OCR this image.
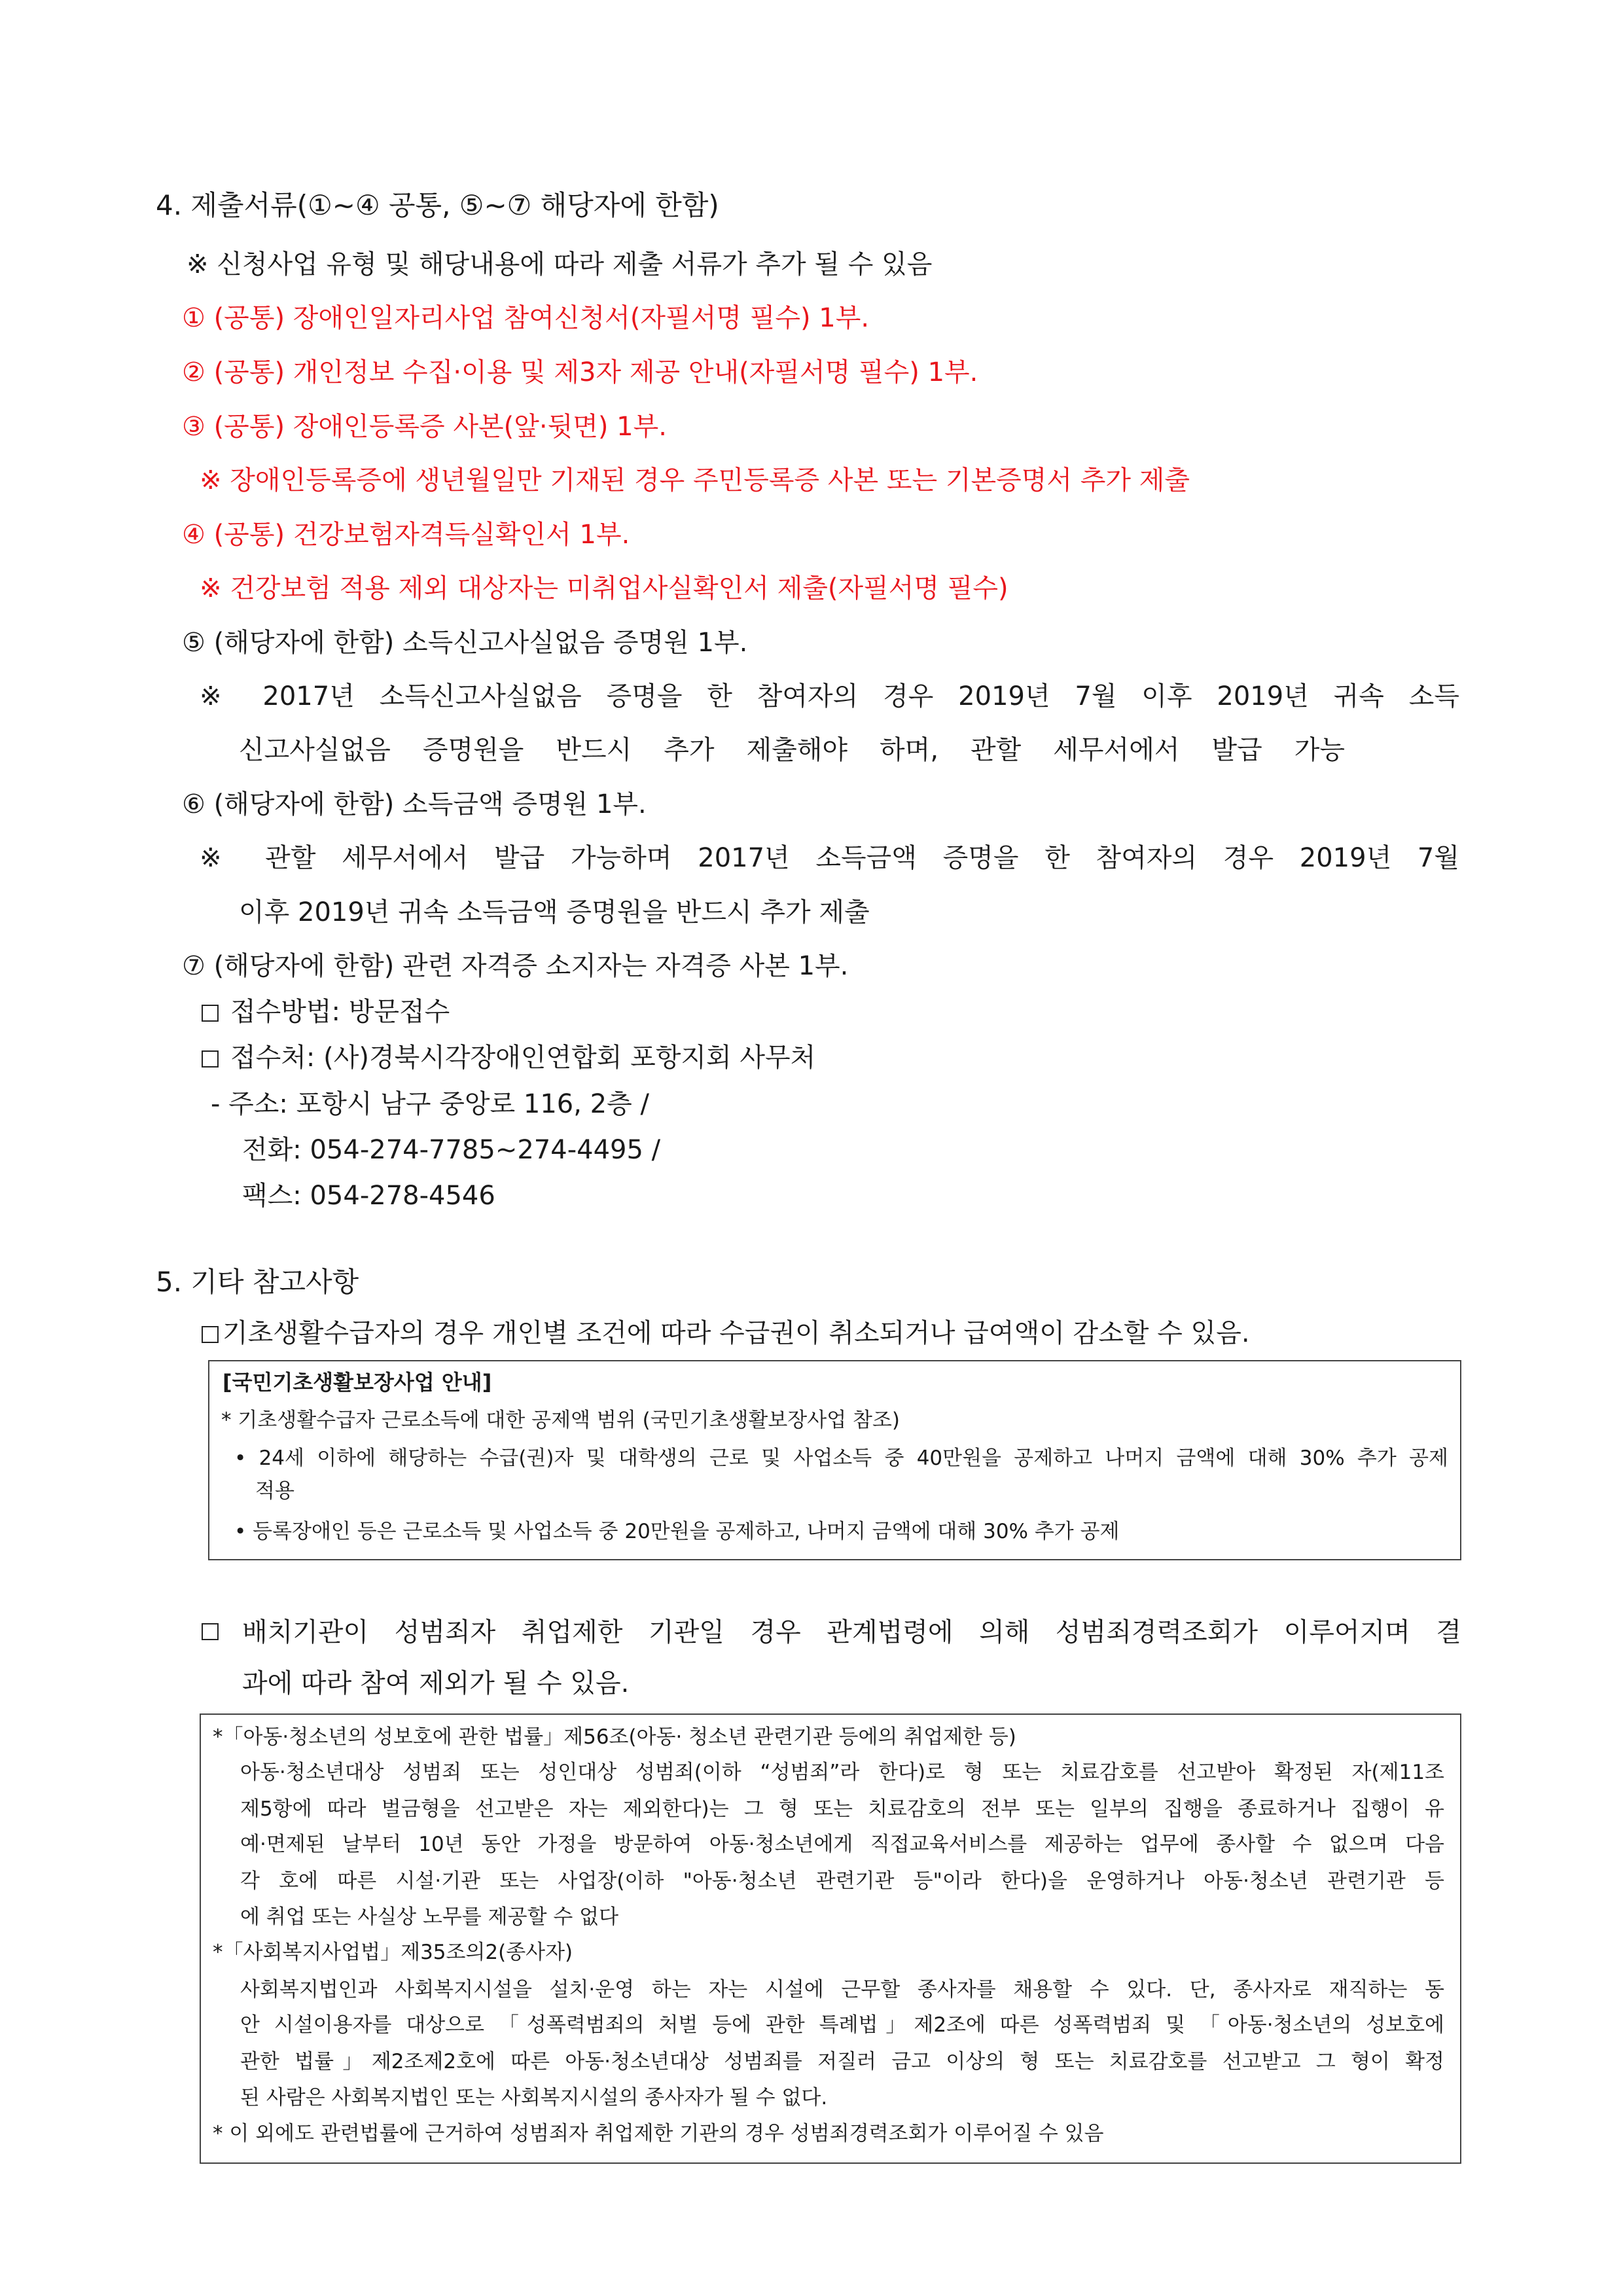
4. 제출서류(①~④ 공통, ⑤~⑦ 해당자에 한함)
※ 신청사업 유형 및 해당내용에 따라 제출 서류가 추가 될 수 있음
① (공통) 장애인일자리사업 참여신청서(자필서명 필수) 1부.
② (공통) 개인정보 수집·이용 및 제3자 제공 안내(자필서명 필수) 1부.
③ (공통) 장애인등록증 사본(앞·뒷면) 1부.
※ 장애인등록증에 생년월일만 기재된 경우 주민등록증 사본 또는 기본증명서 추가 제출
④ (공통) 건강보험자격득실확인서 1부.
※ 건강보험 적용 제외 대상자는 미취업사실확인서 제출(자필서명 필수)
⑤ (해당자에 한함) 소득신고사실없음 증명원 1부.
※ 2017년 소득신고사실없음 증명을 한 참여자의 경우 2019년 7월 이후 2019년 귀속 소득
신고사실없음 증명원을 반드시 추가 제출해야 하며, 관할 세무서에서 발급 가능
⑥ (해당자에 한함) 소득금액 증명원 1부.
※ 관할 세무서에서 발급 가능하며 2017년 소득금액 증명을 한 참여자의 경우 2019년 7월
이후 2019년 귀속 소득금액 증명원을 반드시 추가 제출
⑦ (해당자에 한함) 관련 자격증 소지자는 자격증 사본 1부.
접수방법: 방문접수
접수처: (사)경북시각장애인연합회 포항지회 사무처
- 주소: 포항시 남구 중앙로 116, 2층 /
전화: 054-274-7785~274-4495 /
팩스: 054-278-4546
5. 기타 참고사항
기초생활수급자의 경우 개인별 조건에 따라 수급권이 취소되거나 급여액이 감소할 수 있음.
[국민기초생활보장사업 안내]
* 기초생활수급자 근로소득에 대한 공제액 범위 (국민기초생활보장사업 참조)
• 24세 이하에 해당하는 수급(권)자 및 대학생의 근로 및 사업소득 중 40만원을 공제하고 나머지 금액에 대해 30% 추가 공제
적용
• 등록장애인 등은 근로소득 및 사업소득 중 20만원을 공제하고, 나머지 금액에 대해 30% 추가 공제
배치기관이 성범죄자 취업제한 기관일 경우 관계법령에 의해 성범죄경력조회가 이루어지며 결
과에 따라 참여 제외가 될 수 있음.
*「아동·청소년의 성보호에 관한 법률」제56조(아동· 청소년 관련기관 등에의 취업제한 등)
아동·청소년대상 성범죄 또는 성인대상 성범죄(이하 “성범죄”라 한다)로 형 또는 치료감호를 선고받아 확정된 자(제11조
제5항에 따라 벌금형을 선고받은 자는 제외한다)는 그 형 또는 치료감호의 전부 또는 일부의 집행을 종료하거나 집행이 유
예·면제된 날부터 10년 동안 가정을 방문하여 아동·청소년에게 직접교육서비스를 제공하는 업무에 종사할 수 없으며 다음
각 호에 따른 시설·기관 또는 사업장(이하 "아동·청소년 관련기관 등"이라 한다)을 운영하거나 아동·청소년 관련기관 등
에 취업 또는 사실상 노무를 제공할 수 없다
*「사회복지사업법」제35조의2(종사자)
사회복지법인과 사회복지시설을 설치·운영 하는 자는 시설에 근무할 종사자를 채용할 수 있다. 단, 종사자로 재직하는 동
안 시설이용자를 대상으로 「성폭력범죄의 처벌 등에 관한 특례법」제2조에 따른 성폭력범죄 및 「아동·청소년의 성보호에
관한 법률」제2조제2호에 따른 아동·청소년대상 성범죄를 저질러 금고 이상의 형 또는 치료감호를 선고받고 그 형이 확정
된 사람은 사회복지법인 또는 사회복지시설의 종사자가 될 수 없다.
* 이 외에도 관련법률에 근거하여 성범죄자 취업제한 기관의 경우 성범죄경력조회가 이루어질 수 있음
